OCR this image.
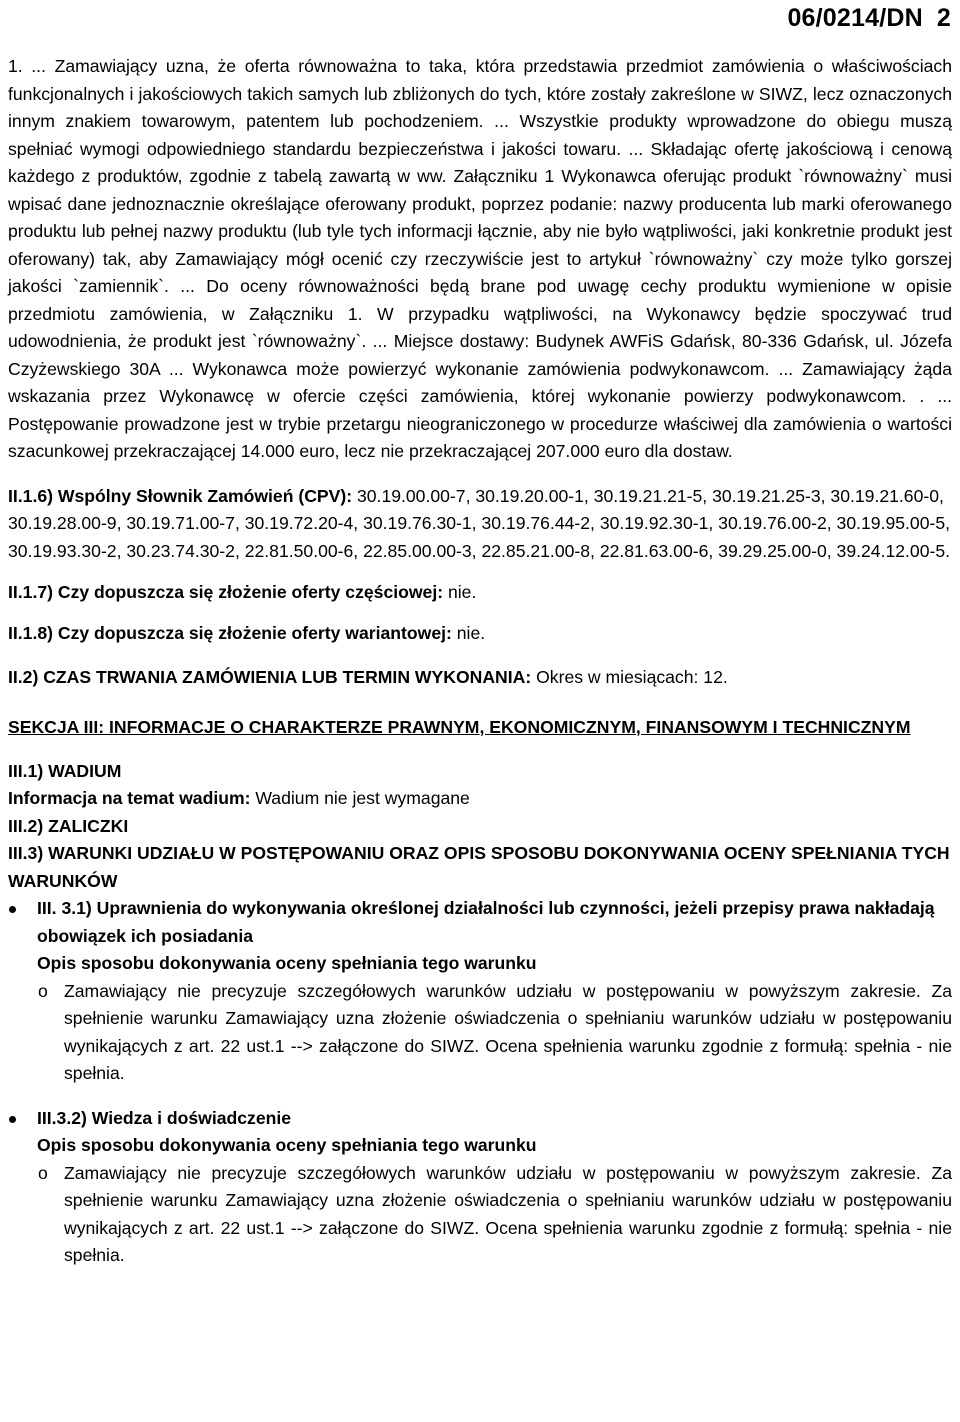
06/0214/DN 2

1. ... Zamawiający uzna, że oferta równoważna to taka, która przedstawia przedmiot zamówienia o właściwościach funkcjonalnych i jakościowych takich samych lub zbliżonych do tych, które zostały zakreślone w SIWZ, lecz oznaczonych innym znakiem towarowym, patentem lub pochodzeniem. ... Wszystkie produkty wprowadzone do obiegu muszą spełniać wymogi odpowiedniego standardu bezpieczeństwa i jakości towaru. ... Składając ofertę jakościową i cenową każdego z produktów, zgodnie z tabelą zawartą w ww. Załączniku 1 Wykonawca oferując produkt `równoważny` musi wpisać dane jednoznacznie określające oferowany produkt, poprzez podanie: nazwy producenta lub marki oferowanego produktu lub pełnej nazwy produktu (lub tyle tych informacji łącznie, aby nie było wątpliwości, jaki konkretnie produkt jest oferowany) tak, aby Zamawiający mógł ocenić czy rzeczywiście jest to artykuł `równoważny` czy może tylko gorszej jakości `zamiennik`. ... Do oceny równoważności będą brane pod uwagę cechy produktu wymienione w opisie przedmiotu zamówienia, w Załączniku 1. W przypadku wątpliwości, na Wykonawcy będzie spoczywać trud udowodnienia, że produkt jest `równoważny`. ... Miejsce dostawy: Budynek AWFiS Gdańsk, 80-336 Gdańsk, ul. Józefa Czyżewskiego 30A ... Wykonawca może powierzyć wykonanie zamówienia podwykonawcom. ... Zamawiający żąda wskazania przez Wykonawcę w ofercie części zamówienia, której wykonanie powierzy podwykonawcom. . ... Postępowanie prowadzone jest w trybie przetargu nieograniczonego w procedurze właściwej dla zamówienia o wartości szacunkowej przekraczającej 14.000 euro, lecz nie przekraczającej 207.000 euro dla dostaw.

II.1.6) Wspólny Słownik Zamówień (CPV): 30.19.00.00-7, 30.19.20.00-1, 30.19.21.21-5, 30.19.21.25-3, 30.19.21.60-0, 30.19.28.00-9, 30.19.71.00-7, 30.19.72.20-4, 30.19.76.30-1, 30.19.76.44-2, 30.19.92.30-1, 30.19.76.00-2, 30.19.95.00-5, 30.19.93.30-2, 30.23.74.30-2, 22.81.50.00-6, 22.85.00.00-3, 22.85.21.00-8, 22.81.63.00-6, 39.29.25.00-0, 39.24.12.00-5.

II.1.7) Czy dopuszcza się złożenie oferty częściowej: nie.

II.1.8) Czy dopuszcza się złożenie oferty wariantowej: nie.

II.2) CZAS TRWANIA ZAMÓWIENIA LUB TERMIN WYKONANIA: Okres w miesiącach: 12.

SEKCJA III: INFORMACJE O CHARAKTERZE PRAWNYM, EKONOMICZNYM, FINANSOWYM I TECHNICZNYM

III.1) WADIUM

Informacja na temat wadium: Wadium nie jest wymagane

III.2) ZALICZKI

III.3) WARUNKI UDZIAŁU W POSTĘPOWANIU ORAZ OPIS SPOSOBU DOKONYWANIA OCENY SPEŁNIANIA TYCH WARUNKÓW

III. 3.1) Uprawnienia do wykonywania określonej działalności lub czynności, jeżeli przepisy prawa nakładają obowiązek ich posiadania

Opis sposobu dokonywania oceny spełniania tego warunku

o Zamawiający nie precyzuje szczegółowych warunków udziału w postępowaniu w powyższym zakresie. Za spełnienie warunku Zamawiający uzna złożenie oświadczenia o spełnianiu warunków udziału w postępowaniu wynikających z art. 22 ust.1 --> załączone do SIWZ. Ocena spełnienia warunku zgodnie z formułą: spełnia - nie spełnia.

III.3.2) Wiedza i doświadczenie

Opis sposobu dokonywania oceny spełniania tego warunku

o Zamawiający nie precyzuje szczegółowych warunków udziału w postępowaniu w powyższym zakresie. Za spełnienie warunku Zamawiający uzna złożenie oświadczenia o spełnianiu warunków udziału w postępowaniu wynikających z art. 22 ust.1 --> załączone do SIWZ. Ocena spełnienia warunku zgodnie z formułą: spełnia - nie spełnia.
